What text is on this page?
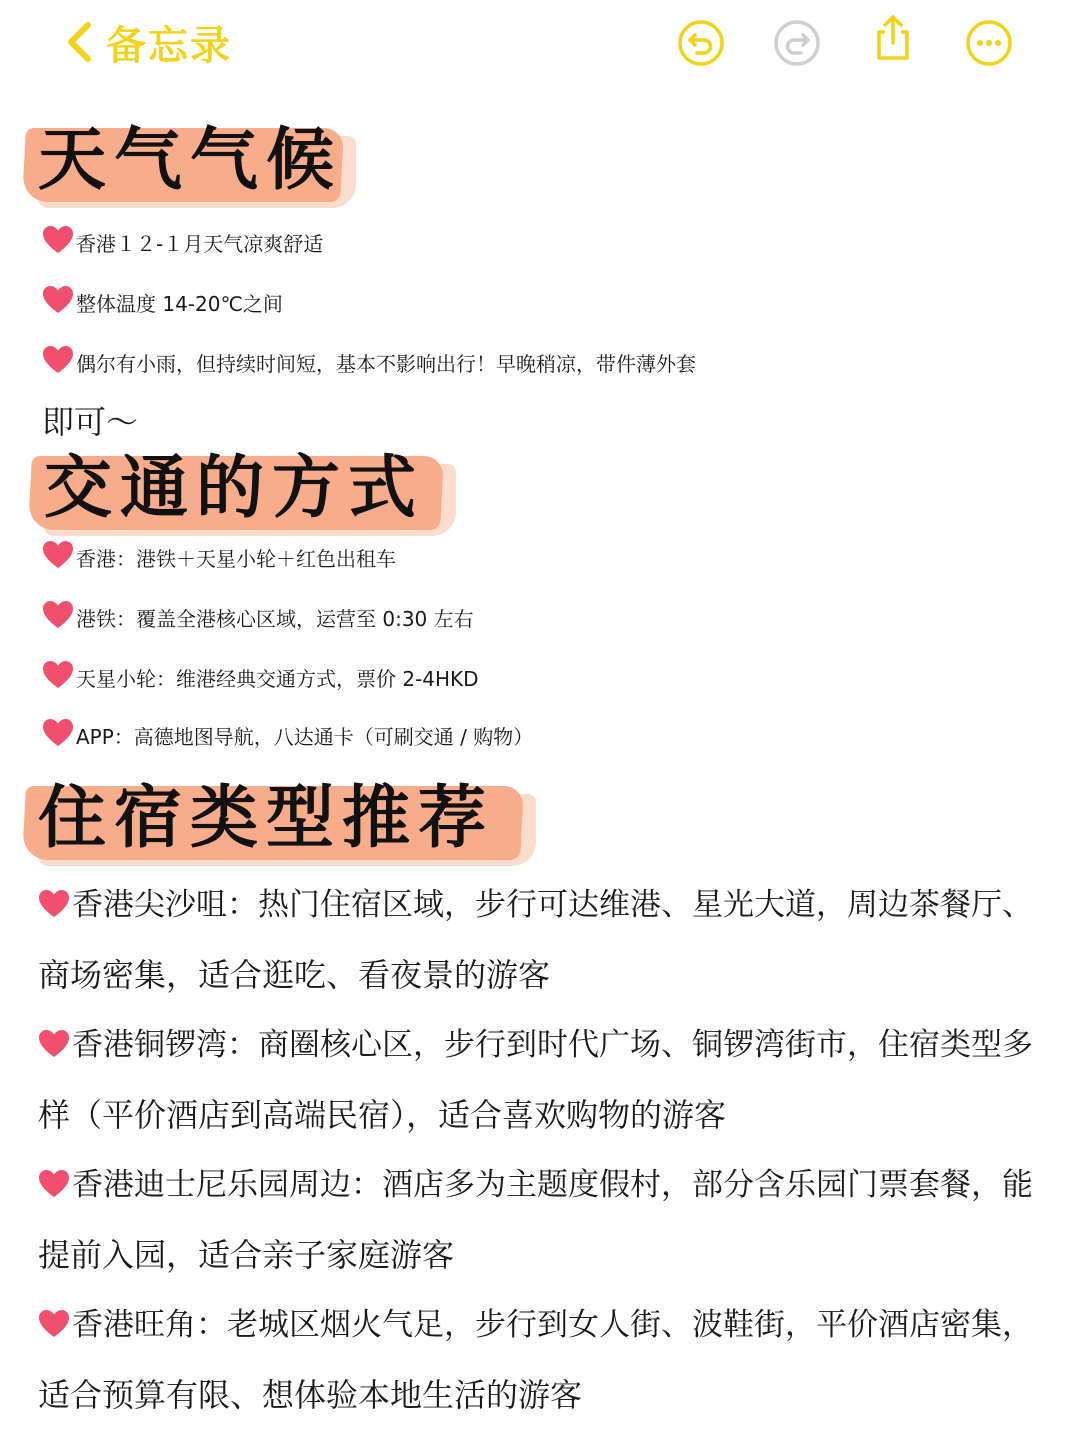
备忘录
天气气候
香港１２-１月天气凉爽舒适
整体温度 14-20℃之间
偶尔有小雨，但持续时间短，基本不影响出行！早晚稍凉，带件薄外套
即可～
交通的方式
香港：港铁＋天星小轮＋红色出租车
港铁：覆盖全港核心区域，运营至 0:30 左右
天星小轮：维港经典交通方式，票价 2-4HKD
APP：高德地图导航，八达通卡（可刷交通 / 购物）
住宿类型推荐
香港尖沙咀：热门住宿区域，步行可达维港、星光大道，周边茶餐厅、
商场密集，适合逛吃、看夜景的游客
香港铜锣湾：商圈核心区，步行到时代广场、铜锣湾街市，住宿类型多
样（平价酒店到高端民宿），适合喜欢购物的游客
香港迪士尼乐园周边：酒店多为主题度假村，部分含乐园门票套餐，能
提前入园，适合亲子家庭游客
香港旺角：老城区烟火气足，步行到女人街、波鞋街，平价酒店密集，
适合预算有限、想体验本地生活的游客
